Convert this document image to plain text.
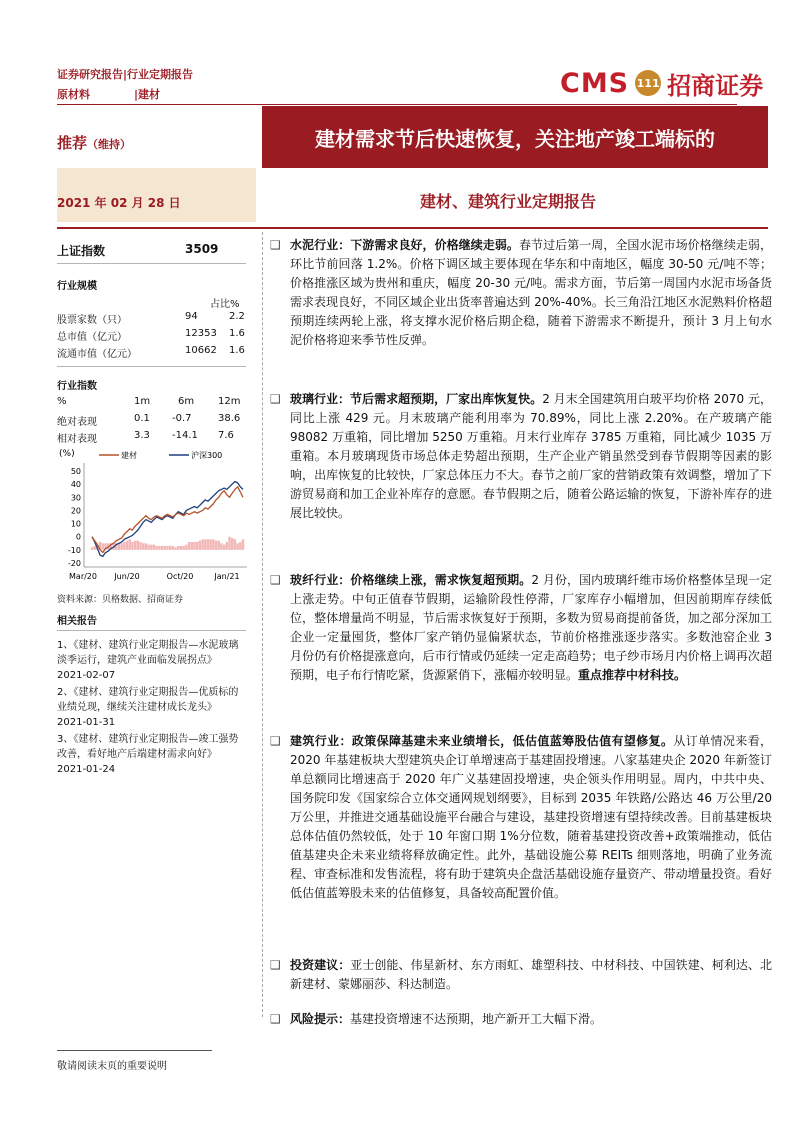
证券研究报告|行业定期报告
原材料	|建材	CMS 111 招商证券
推荐（维持）	建材需求节后快速恢复，关注地产竣工端标的
2021 年 02 月 28 日	建材、建筑行业定期报告
上证指数	3509
行业规模
占比%
股票家数（只）	94	2.2
总市值（亿元）	12353 1.6
流通市值（亿元）	10662 1.6
行业指数
%	1m	6m 12m
绝对表现	0.1 -0.7	38.6
相对表现	3.3 -14.1 7.6
(%)
50
40
30
20
10
0
-10
-20
建材	沪深300
Mar/20 Jun/20	Oct/20	Jan/21
资料来源：贝格数据、招商证券
相关报告
1、《建材、建筑行业定期报告—水泥玻璃淡季运行，建筑产业面临发展拐点》2021-02-07
2、《建材、建筑行业定期报告—优质标的业绩兑现，继续关注建材成长龙头》2021-01-31
3、《建材、建筑行业定期报告—竣工强势改善，看好地产后端建材需求向好》2021-01-24
❑ 水泥行业：下游需求良好，价格继续走弱。春节过后第一周，全国水泥市场价格继续走弱，环比节前回落 1.2%。价格下调区域主要体现在华东和中南地区，幅度 30-50 元/吨不等；价格推涨区域为贵州和重庆，幅度 20-30 元/吨。需求方面，节后第一周国内水泥市场备货需求表现良好，不同区域企业出货率普遍达到 20%-40%。长三角沿江地区水泥熟料价格超预期连续两轮上涨，将支撑水泥价格后期企稳，随着下游需求不断提升，预计 3 月上旬水泥价格将迎来季节性反弹。
❑ 玻璃行业：节后需求超预期，厂家出库恢复快。2 月末全国建筑用白玻平均价格 2070 元，同比上涨 429 元。月末玻璃产能利用率为 70.89%，同比上涨 2.20%。在产玻璃产能 98082 万重箱，同比增加 5250 万重箱。月末行业库存 3785 万重箱，同比减少 1035 万重箱。本月玻璃现货市场总体走势超出预期，生产企业产销虽然受到春节假期等因素的影响，出库恢复的比较快，厂家总体压力不大。春节之前厂家的营销政策有效调整，增加了下游贸易商和加工企业补库存的意愿。春节假期之后，随着公路运输的恢复，下游补库存的进展比较快。
❑ 玻纤行业：价格继续上涨，需求恢复超预期。2 月份，国内玻璃纤维市场价格整体呈现一定上涨走势。中旬正值春节假期，运输阶段性停滞，厂家库存小幅增加，但因前期库存续低位，整体增量尚不明显，节后需求恢复好于预期，多数为贸易商提前备货，加之部分深加工企业一定量囤货，整体厂家产销仍显偏紧状态，节前价格推涨逐步落实。多数池窑企业 3 月份仍有价格提涨意向，后市行情或仍延续一定走高趋势；电子纱市场月内价格上调再次超预期，电子布行情吃紧，货源紧俏下，涨幅亦较明显。重点推荐中材科技。
❑ 建筑行业：政策保障基建未来业绩增长，低估值蓝筹股估值有望修复。从订单情况来看，2020 年基建板块大型建筑央企订单增速高于基建固投增速。八家基建央企 2020 年新签订单总额同比增速高于 2020 年广义基建固投增速，央企领头作用明显。周内，中共中央、国务院印发《国家综合立体交通网规划纲要》，目标到 2035 年铁路/公路达 46 万公里/20 万公里，并推进交通基础设施平台融合与建设，基建投资增速有望持续改善。目前基建板块总体估值仍然较低，处于 10 年窗口期 1%分位数，随着基建投资改善+政策端推动，低估值基建央企未来业绩将释放确定性。此外，基础设施公募 REITs 细则落地，明确了业务流程、审查标准和发售流程，将有助于建筑央企盘活基础设施存量资产、带动增量投资。看好低估值蓝筹股未来的估值修复，具备较高配置价值。
❑ 投资建议：亚士创能、伟星新材、东方雨虹、雄塑科技、中材科技、中国铁建、柯利达、北新建材、蒙娜丽莎、科达制造。
❑ 风险提示：基建投资增速不达预期，地产新开工大幅下滑。
敬请阅读末页的重要说明
